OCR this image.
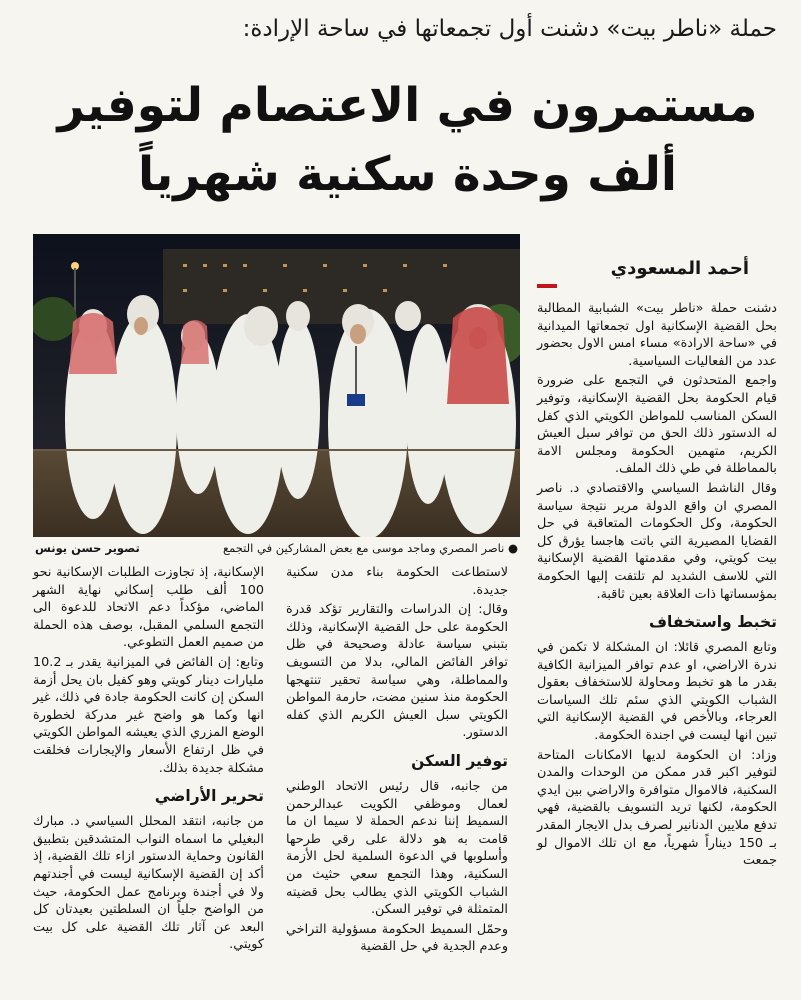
حملة «ناطر بيت» دشنت أول تجمعاتها في ساحة الإرادة:
مستمرون في الاعتصام لتوفير
ألف وحدة سكنية شهرياً
● ناصر المصري وماجد موسى مع بعض المشاركين في التجمع
تصوير حسن يونس
أحمد المسعودي

دشنت حملة «ناطر بيت» الشبابية المطالبة بحل القضية الإسكانية اول تجمعاتها الميدانية في «ساحة الارادة» مساء امس الاول بحضور عدد من الفعاليات السياسية.

واجمع المتحدثون في التجمع على ضرورة قيام الحكومة بحل القضية الإسكانية، وتوفير السكن المناسب للمواطن الكويتي الذي كفل له الدستور ذلك الحق من توافر سبل العيش الكريم، متهمين الحكومة ومجلس الامة بالمماطلة في طي ذلك الملف.

وقال الناشط السياسي والاقتصادي د. ناصر المصري ان واقع الدولة مرير نتيجة سياسة الحكومة، وكل الحكومات المتعاقبة في حل القضايا المصيرية التي باتت هاجسا يؤرق كل بيت كويتي، وفي مقدمتها القضية الإسكانية التي للاسف الشديد لم تلتفت إليها الحكومة بمؤسساتها ذات العلاقة بعين ثاقبة.

تخبط واستخفاف

وتابع المصري قائلا: ان المشكلة لا تكمن في ندرة الاراضي، او عدم توافر الميزانية الكافية بقدر ما هو تخبط ومحاولة للاستخفاف بعقول الشباب الكويتي الذي سئم تلك السياسات العرجاء، وبالأخص في القضية الإسكانية التي تبين انها ليست في اجندة الحكومة.

وزاد: ان الحكومة لديها الامكانات المتاحة لتوفير اكبر قدر ممكن من الوحدات والمدن السكنية، فالاموال متوافرة والاراضي بين ايدي الحكومة، لكنها تريد التسويف بالقضية، فهي تدفع ملايين الدنانير لصرف بدل الايجار المقدر بـ 150 ديناراً شهرياً، مع ان تلك الاموال لو جمعت

لاستطاعت الحكومة بناء مدن سكنية جديدة.

وقال: إن الدراسات والتقارير تؤكد قدرة الحكومة على حل القضية الإسكانية، وذلك بتبني سياسة عادلة وصحيحة في ظل توافر الفائض المالي، بدلا من التسويف والمماطلة، وهي سياسة تحقير تنتهجها الحكومة منذ سنين مضت، حارمة المواطن الكويتي سبل العيش الكريم الذي كفله الدستور.

توفير السكن

من جانبه، قال رئيس الاتحاد الوطني لعمال وموظفي الكويت عبدالرحمن السميط إننا ندعم الحملة لا سيما ان ما قامت به هو دلالة على رقي طرحها وأسلوبها في الدعوة السلمية لحل الأزمة السكنية، وهذا التجمع سعي حثيث من الشباب الكويتي الذي يطالب بحل قضيته المتمثلة في توفير السكن.

وحمّل السميط الحكومة مسؤولية التراخي وعدم الجدية في حل القضية

الإسكانية، إذ تجاوزت الطلبات الإسكانية نحو 100 ألف طلب إسكاني نهاية الشهر الماضي، مؤكداً دعم الاتحاد للدعوة الى التجمع السلمي المقبل، بوصف هذه الحملة من صميم العمل التطوعي.

وتابع: إن الفائض في الميزانية يقدر بـ 10.2 مليارات دينار كويتي وهو كفيل بان يحل أزمة السكن إن كانت الحكومة جادة في ذلك، غير انها وكما هو واضح غير مدركة لخطورة الوضع المزري الذي يعيشه المواطن الكويتي في ظل ارتفاع الأسعار والإيجارات فخلقت مشكلة جديدة بذلك.

تحرير الأراضي

من جانبه، انتقد المحلل السياسي د. مبارك البغيلي ما اسماه النواب المتشدقين بتطبيق القانون وحماية الدستور ازاء تلك القضية، إذ أكد إن القضية الإسكانية ليست في أجندتهم ولا في أجندة وبرنامج عمل الحكومة، حيث من الواضح جلياً ان السلطتين بعيدتان كل البعد عن آثار تلك القضية على كل بيت كويتي.
